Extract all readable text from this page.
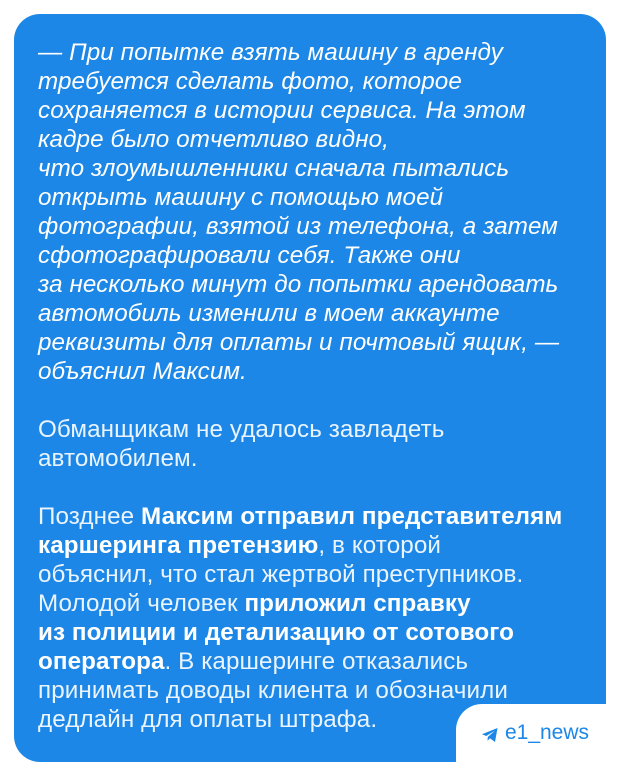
— При попытке взять машину в аренду
требуется сделать фото, которое
сохраняется в истории сервиса. На этом
кадре было отчетливо видно,
что злоумышленники сначала пытались
открыть машину с помощью моей
фотографии, взятой из телефона, а затем
сфотографировали себя. Также они
за несколько минут до попытки арендовать
автомобиль изменили в моем аккаунте
реквизиты для оплаты и почтовый ящик, —
объяснил Максим.
Обманщикам не удалось завладеть
автомобилем.
Позднее Максим отправил представителям
каршеринга претензию, в которой
объяснил, что стал жертвой преступников.
Молодой человек приложил справку
из полиции и детализацию от сотового
оператора. В каршеринге отказались
принимать доводы клиента и обозначили
дедлайн для оплаты штрафа.	e1_news
